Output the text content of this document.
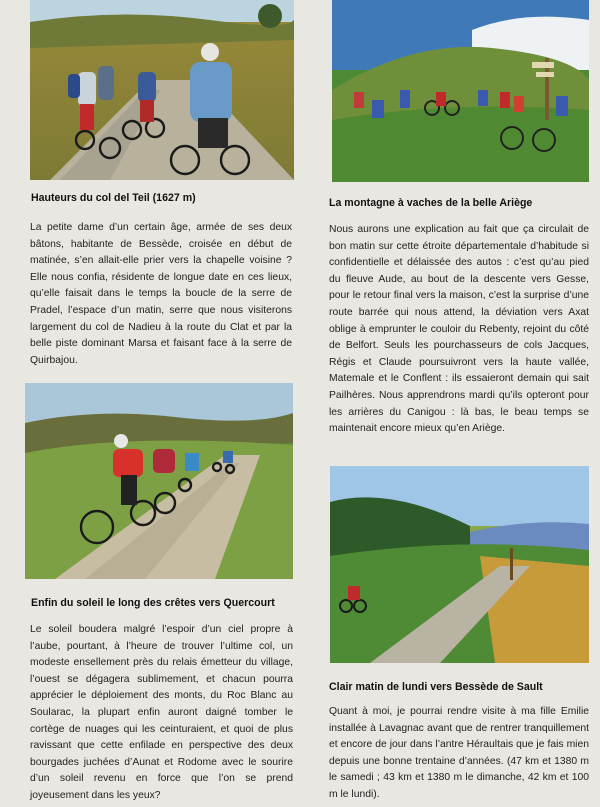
Hauteurs du col del Teil (1627 m)

La petite dame d’un certain âge, armée de ses deux bâtons, habitante de Bessède, croisée en début de matinée, s’en allait-elle prier vers la chapelle voisine ? Elle nous confia, résidente de longue date en ces lieux, qu’elle faisait dans le temps la boucle de la serre de Pradel, l’espace d’un matin, serre que nous visiterons largement du col de Nadieu à la route du Clat et par la belle piste dominant Marsa et faisant face à la serre de Quirbajou.

La montagne à vaches de la belle Ariège

Nous aurons une explication au fait que ça circulait de bon matin sur cette étroite départementale d’habitude si confidentielle et délaissée des autos : c’est qu’au pied du fleuve Aude, au bout de la descente vers Gesse, pour le retour final vers la maison, c’est la surprise d’une route barrée qui nous attend, la déviation vers Axat oblige à emprunter le couloir du Rebenty, rejoint du côté de Belfort. Seuls les pourchasseurs de cols Jacques, Régis et Claude poursuivront vers la haute vallée, Matemale et le Conflent : ils essaieront demain qui sait Pailhères. Nous apprendrons mardi qu’ils opteront pour les arrières du Canigou : là bas, le beau temps se maintenait encore mieux qu’en Ariège.

Enfin du soleil le long des crêtes vers Quercourt

Le soleil boudera malgré l’espoir d’un ciel propre à l’aube, pourtant, à l’heure de trouver l’ultime col, un modeste ensellement près du relais émetteur du village, l’ouest se dégagera sublimement, et chacun pourra apprécier le déploiement des monts, du Roc Blanc au Soularac, la plupart enfin auront daigné tomber le cortège de nuages qui les ceinturaient, et quoi de plus ravissant que cette enfilade en perspective des deux bourgades juchées d’Aunat et Rodome avec le sourire d’un soleil revenu en force que l’on se prend joyeusement dans les yeux?

Clair matin de lundi vers Bessède de Sault

Quant à moi, je pourrai rendre visite à ma fille Emilie installée à Lavagnac avant que de rentrer tranquillement et encore de jour dans l’antre Héraultais que je fais mien depuis une bonne trentaine d’années. (47 km et 1380 m le samedi ; 43 km et 1380 m le dimanche, 42 km et 100 m le lundi).
